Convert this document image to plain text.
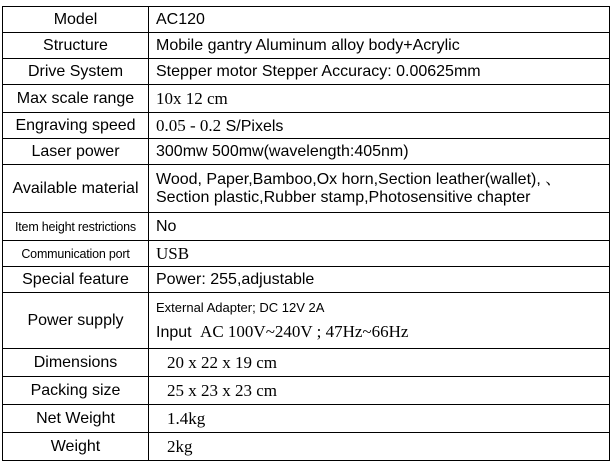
Model	AC120
Structure	Mobile gantry Aluminum alloy body+Acrylic
Drive System	Stepper motor Stepper Accuracy: 0.00625mm
Max scale range	10x 12 cm
Engraving speed	0.05 - 0.2 S/Pixels
Laser power	300mw 500mw(wavelength:405nm)
Available material	Wood, Paper,Bamboo,Ox horn,Section leather(wallet), 、
Section plastic,Rubber stamp,Photosensitive chapter

Item height restrictions	No
Communication port	USB
Special feature	Power: 255,adjustable
Power supply	External Adapter; DC 12V 2A
Input AC 100V~240V ; 47Hz~66Hz

Dimensions	20 x 22 x 19 cm
Packing size	25 x 23 x 23 cm
Net Weight	1.4kg
Weight	2kg
